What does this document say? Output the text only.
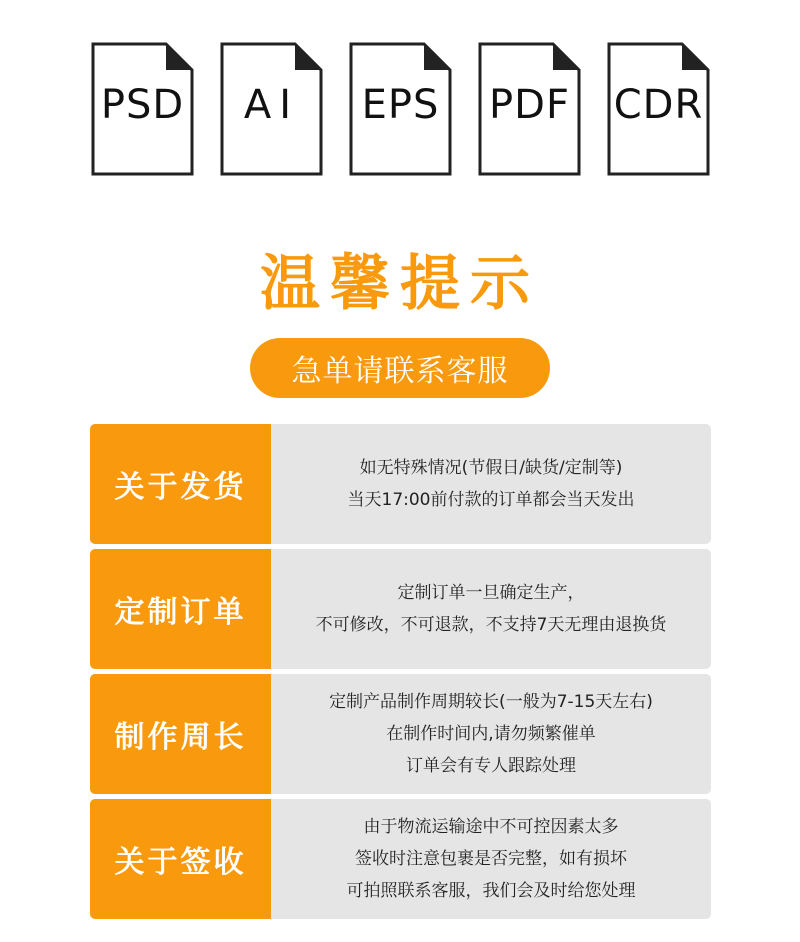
PSD	AI	EPS	PDF CDR
温馨提示
急单请联系客服
关于发货
如无特殊情况(节假日/缺货/定制等)
当天17:00前付款的订单都会当天发出
定制订单
定制订单一旦确定生产，
不可修改，不可退款，不支持7天无理由退换货
制作周长
定制产品制作周期较长(一般为7-15天左右)
在制作时间内,请勿频繁催单
订单会有专人跟踪处理
关于签收
由于物流运输途中不可控因素太多
签收时注意包裹是否完整，如有损坏
可拍照联系客服，我们会及时给您处理
